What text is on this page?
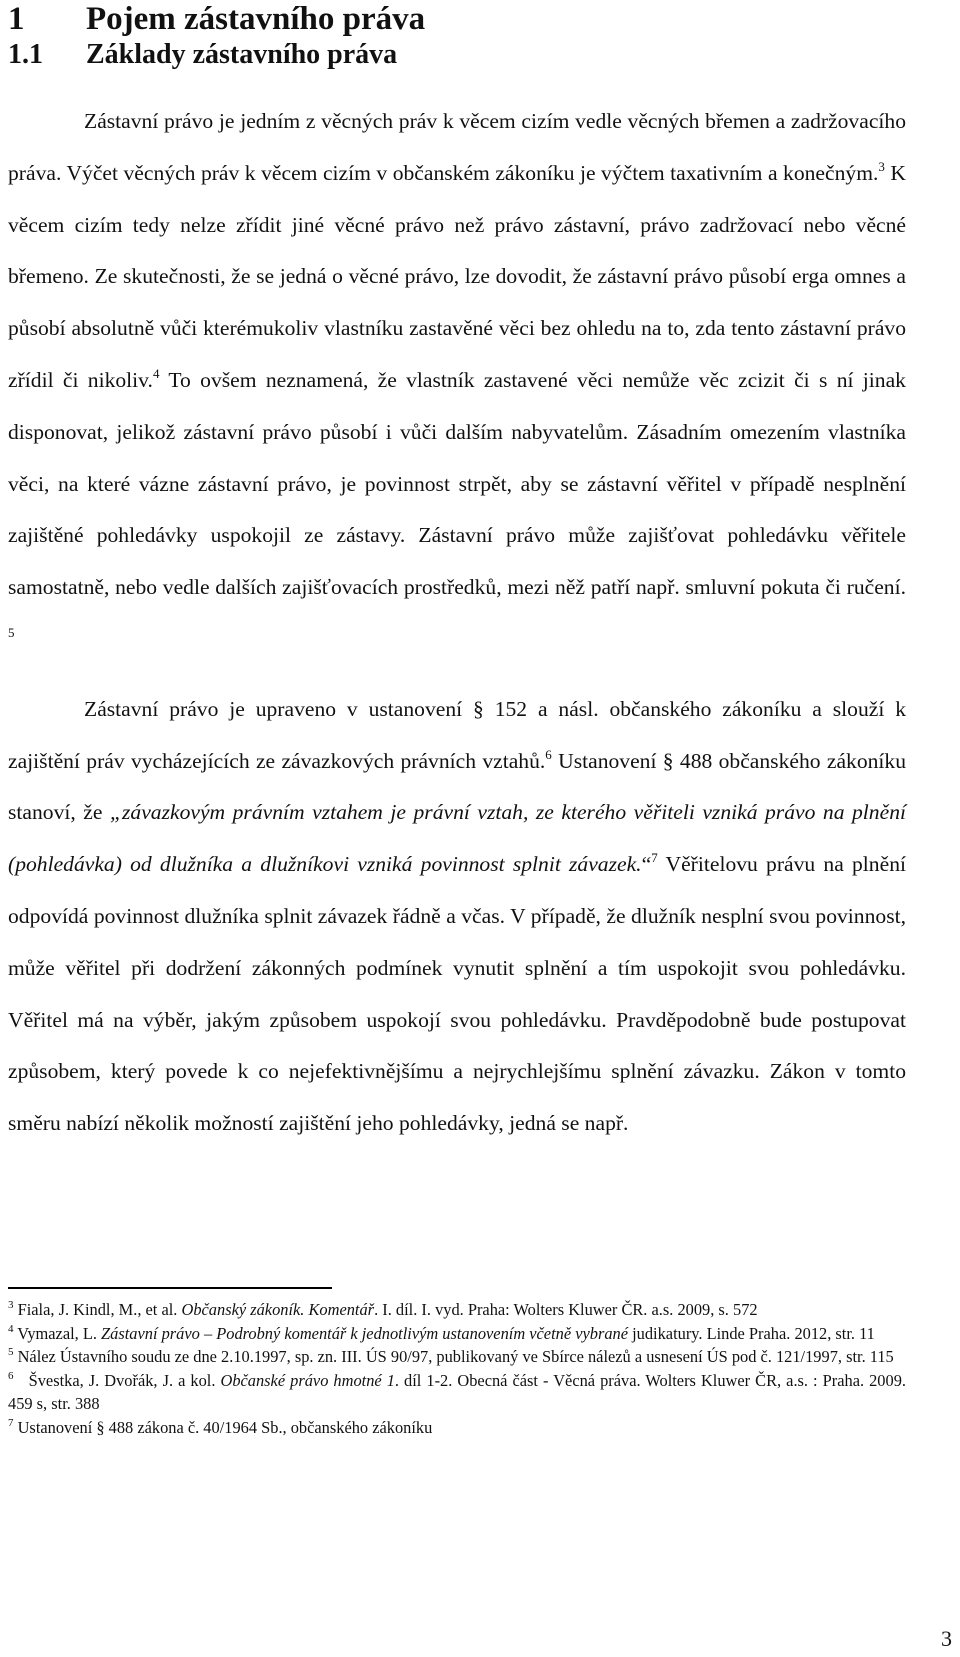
1 Pojem zástavního práva
1.1 Základy zástavního práva

Zástavní právo je jedním z věcných práv k věcem cizím vedle věcných břemen a zadržovacího práva. Výčet věcných práv k věcem cizím v občanském zákoníku je výčtem taxativním a konečným.$^3$ K věcem cizím tedy nelze zřídit jiné věcné právo než právo zástavní, právo zadržovací nebo věcné břemeno. Ze skutečnosti, že se jedná o věcné právo, lze dovodit, že zástavní právo působí erga omnes a působí absolutně vůči kterémukoliv vlastníku zastavěné věci bez ohledu na to, zda tento zástavní právo zřídil či nikoliv.$^4$ To ovšem neznamená, že vlastník zastavené věci nemůže věc zcizit či s ní jinak disponovat, jelikož zástavní právo působí i vůči dalším nabyvatelům. Zásadním omezením vlastníka věci, na které vázne zástavní právo, je povinnost strpět, aby se zástavní věřitel v případě nesplnění zajištěné pohledávky uspokojil ze zástavy. Zástavní právo může zajišťovat pohledávku věřitele samostatně, nebo vedle dalších zajišťovacích prostředků, mezi něž patří např. smluvní pokuta či ručení. $^5$

Zástavní právo je upraveno v ustanovení § 152 a násl. občanského zákoníku a slouží k zajištění práv vycházejících ze závazkových právních vztahů.$^6$ Ustanovení § 488 občanského zákoníku stanoví, že „závazkovým právním vztahem je právní vztah, ze kterého věřiteli vzniká právo na plnění (pohledávka) od dlužníka a dlužníkovi vzniká povinnost splnit závazek.“$^7$ Věřitelovu právu na plnění odpovídá povinnost dlužníka splnit závazek řádně a včas. V případě, že dlužník nesplní svou povinnost, může věřitel při dodržení zákonných podmínek vynutit splnění a tím uspokojit svou pohledávku. Věřitel má na výběr, jakým způsobem uspokojí svou pohledávku. Pravděpodobně bude postupovat způsobem, který povede k co nejefektivnějšímu a nejrychlejšímu splnění závazku. Zákon v tomto směru nabízí několik možností zajištění jeho pohledávky, jedná se např.

$^3$ Fiala, J. Kindl, M., et al. Občanský zákoník. Komentář. I. díl. I. vyd. Praha: Wolters Kluwer ČR. a.s. 2009, s. 572
$^4$ Vymazal, L. Zástavní právo – Podrobný komentář k jednotlivým ustanovením včetně vybrané judikatury. Linde Praha. 2012, str. 11
$^5$ Nález Ústavního soudu ze dne 2.10.1997, sp. zn. III. ÚS 90/97, publikovaný ve Sbírce nálezů a usnesení ÚS pod č. 121/1997, str. 115
$^6$   Švestka, J. Dvořák, J. a kol. Občanské právo hmotné 1. díl 1-2. Obecná část - Věcná práva. Wolters Kluwer ČR, a.s. : Praha. 2009. 459 s, str. 388
$^7$ Ustanovení § 488 zákona č. 40/1964 Sb., občanského zákoníku
3
